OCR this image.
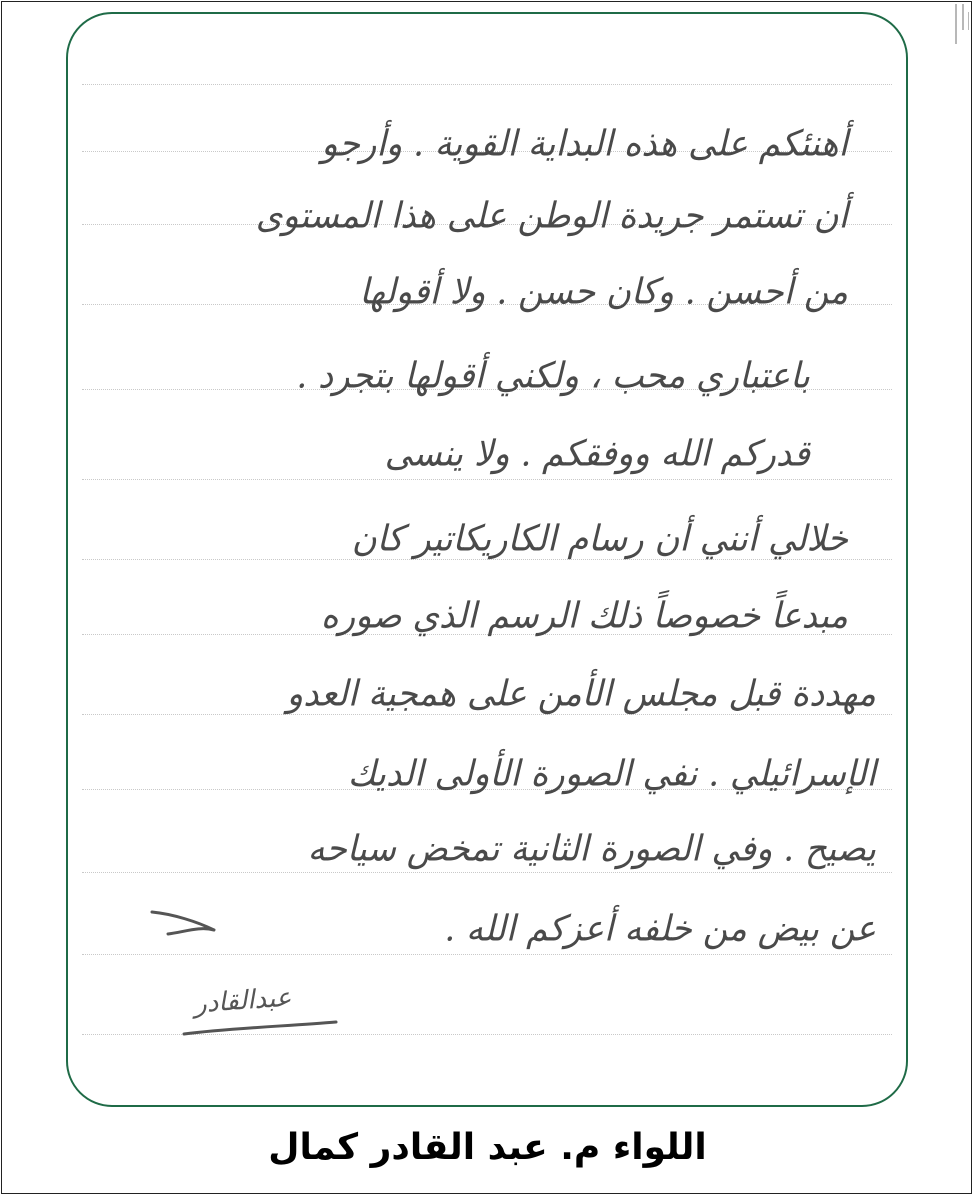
أهنئكم على هذه البداية القوية . وأرجو
أن تستمر جريدة الوطن على هذا المستوى
من أحسن . وكان حسن . ولا أقولها
باعتباري محب ، ولكني أقولها بتجرد .
قدركم الله ووفقكم . ولا ينسى
خلالي أنني أن رسام الكاريكاتير كان
مبدعاً خصوصاً ذلك الرسم الذي صوره
مهددة قبل مجلس الأمن على همجية العدو
الإسرائيلي . نفي الصورة الأولى الديك
يصيح . وفي الصورة الثانية تمخض سياحه
عن بيض من خلفه أعزكم الله .
عبدالقادر
اللواء م. عبد القادر كمال
